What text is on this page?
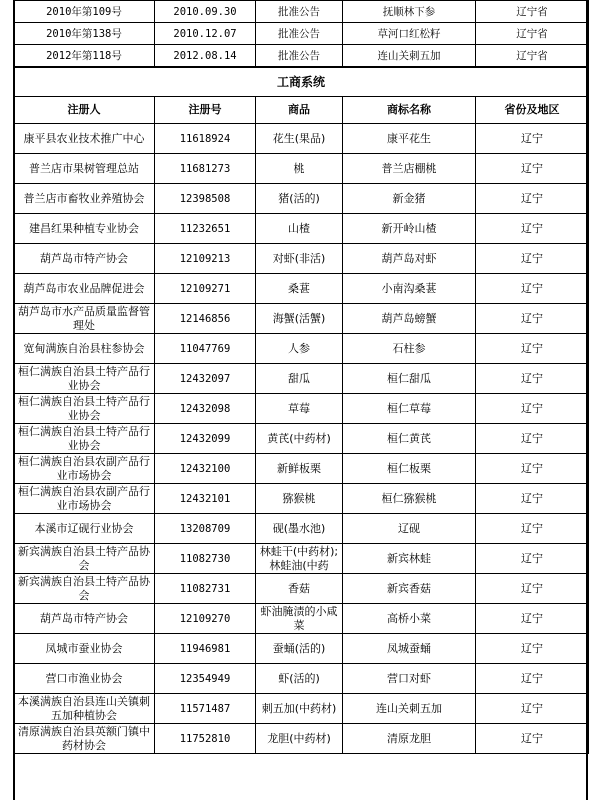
2010年第109号	2010.09.30	批准公告	抚顺林下参	辽宁省
2010年第138号	2010.12.07	批准公告	草河口红松籽	辽宁省
2012年第118号	2012.08.14	批准公告	连山关刺五加	辽宁省
工商系统				
注册人	注册号	商品	商标名称	省份及地区
康平县农业技术推广中心	11618924	花生(果品)	康平花生	辽宁
普兰店市果树管理总站	11681273	桃	普兰店棚桃	辽宁
普兰店市畜牧业养殖协会	12398508	猪(活的)	新金猪	辽宁
建昌红果种植专业协会	11232651	山楂	新开岭山楂	辽宁
葫芦岛市特产协会	12109213	对虾(非活)	葫芦岛对虾	辽宁
葫芦岛市农业品牌促进会	12109271	桑葚	小南沟桑葚	辽宁
葫芦岛市水产品质量监督管理处	12146856	海蟹(活蟹)	葫芦岛螃蟹	辽宁
宽甸满族自治县柱参协会	11047769	人参	石柱参	辽宁
桓仁满族自治县土特产品行业协会	12432097	甜瓜	桓仁甜瓜	辽宁
桓仁满族自治县土特产品行业协会	12432098	草莓	桓仁草莓	辽宁
桓仁满族自治县土特产品行业协会	12432099	黄芪(中药材)	桓仁黄芪	辽宁
桓仁满族自治县农副产品行业市场协会	12432100	新鲜板栗	桓仁板栗	辽宁
桓仁满族自治县农副产品行业市场协会	12432101	猕猴桃	桓仁猕猴桃	辽宁
本溪市辽砚行业协会	13208709	砚(墨水池)	辽砚	辽宁
新宾满族自治县土特产品协会	11082730	林蛙干(中药材);林蛙油(中药	新宾林蛙	辽宁
新宾满族自治县土特产品协会	11082731	香菇	新宾香菇	辽宁
葫芦岛市特产协会	12109270	虾油腌渍的小咸菜	高桥小菜	辽宁
凤城市蚕业协会	11946981	蚕蛹(活的)	凤城蚕蛹	辽宁
营口市渔业协会	12354949	虾(活的)	营口对虾	辽宁
本溪满族自治县连山关镇刺五加种植协会	11571487	刺五加(中药材)	连山关刺五加	辽宁
清原满族自治县英额门镇中药材协会	11752810	龙胆(中药材)	清原龙胆	辽宁
